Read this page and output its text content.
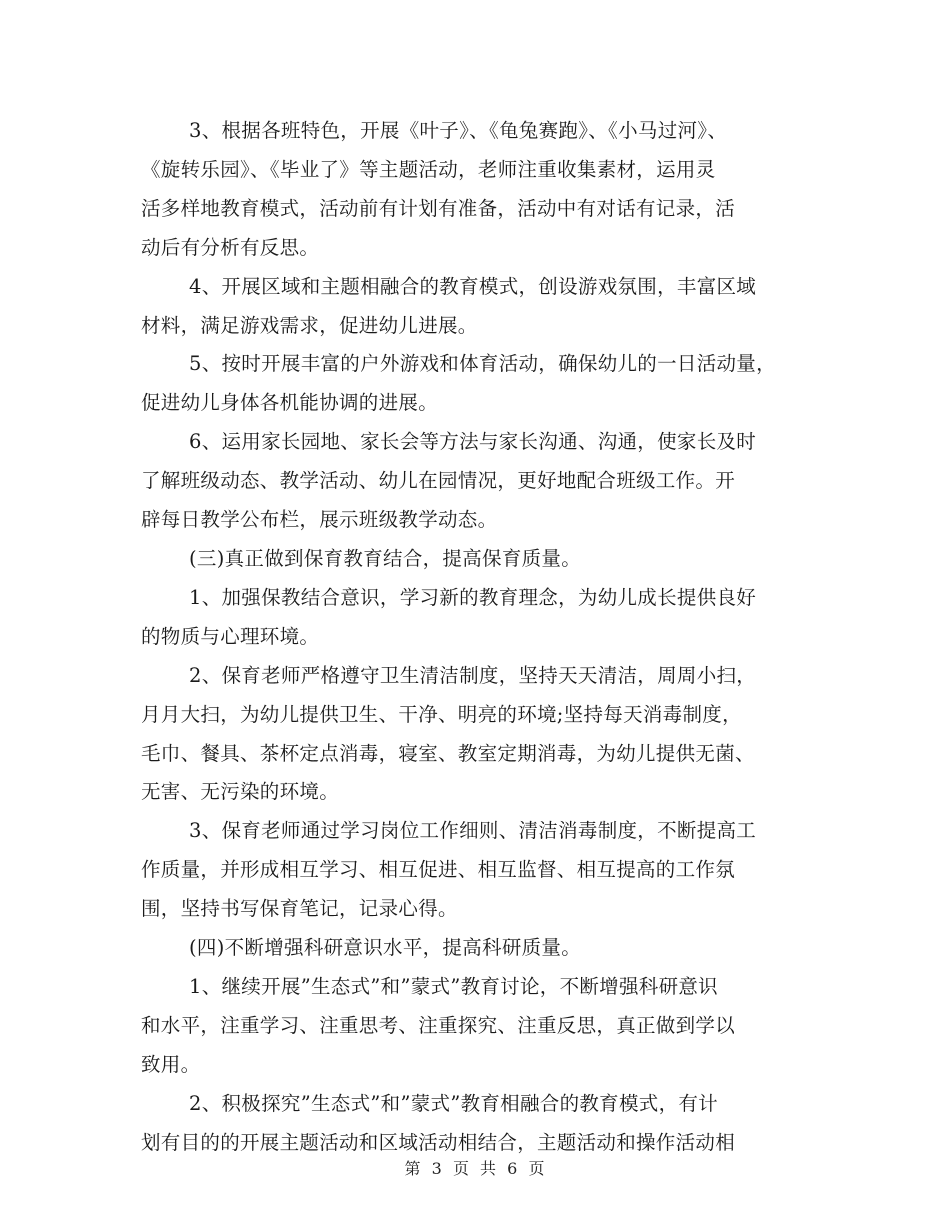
3、根据各班特色，开展《叶子》、《龟兔赛跑》、《小马过河》、
《旋转乐园》、《毕业了》等主题活动，老师注重收集素材，运用灵
活多样地教育模式，活动前有计划有准备，活动中有对话有记录，活
动后有分析有反思。

4、开展区域和主题相融合的教育模式，创设游戏氛围，丰富区域
材料，满足游戏需求，促进幼儿进展。

5、按时开展丰富的户外游戏和体育活动，确保幼儿的一日活动量，
促进幼儿身体各机能协调的进展。

6、运用家长园地、家长会等方法与家长沟通、沟通，使家长及时
了解班级动态、教学活动、幼儿在园情况，更好地配合班级工作。开
辟每日教学公布栏，展示班级教学动态。

(三)真正做到保育教育结合，提高保育质量。

1、加强保教结合意识，学习新的教育理念，为幼儿成长提供良好
的物质与心理环境。

2、保育老师严格遵守卫生清洁制度，坚持天天清洁，周周小扫，
月月大扫，为幼儿提供卫生、干净、明亮的环境;坚持每天消毒制度，
毛巾、餐具、茶杯定点消毒，寝室、教室定期消毒，为幼儿提供无菌、
无害、无污染的环境。

3、保育老师通过学习岗位工作细则、清洁消毒制度，不断提高工
作质量，并形成相互学习、相互促进、相互监督、相互提高的工作氛
围，坚持书写保育笔记，记录心得。

(四)不断增强科研意识水平，提高科研质量。

1、继续开展”生态式”和”蒙式”教育讨论，不断增强科研意识
和水平，注重学习、注重思考、注重探究、注重反思，真正做到学以
致用。

2、积极探究”生态式”和”蒙式”教育相融合的教育模式，有计
划有目的的开展主题活动和区域活动相结合，主题活动和操作活动相

第 3 页 共 6 页
